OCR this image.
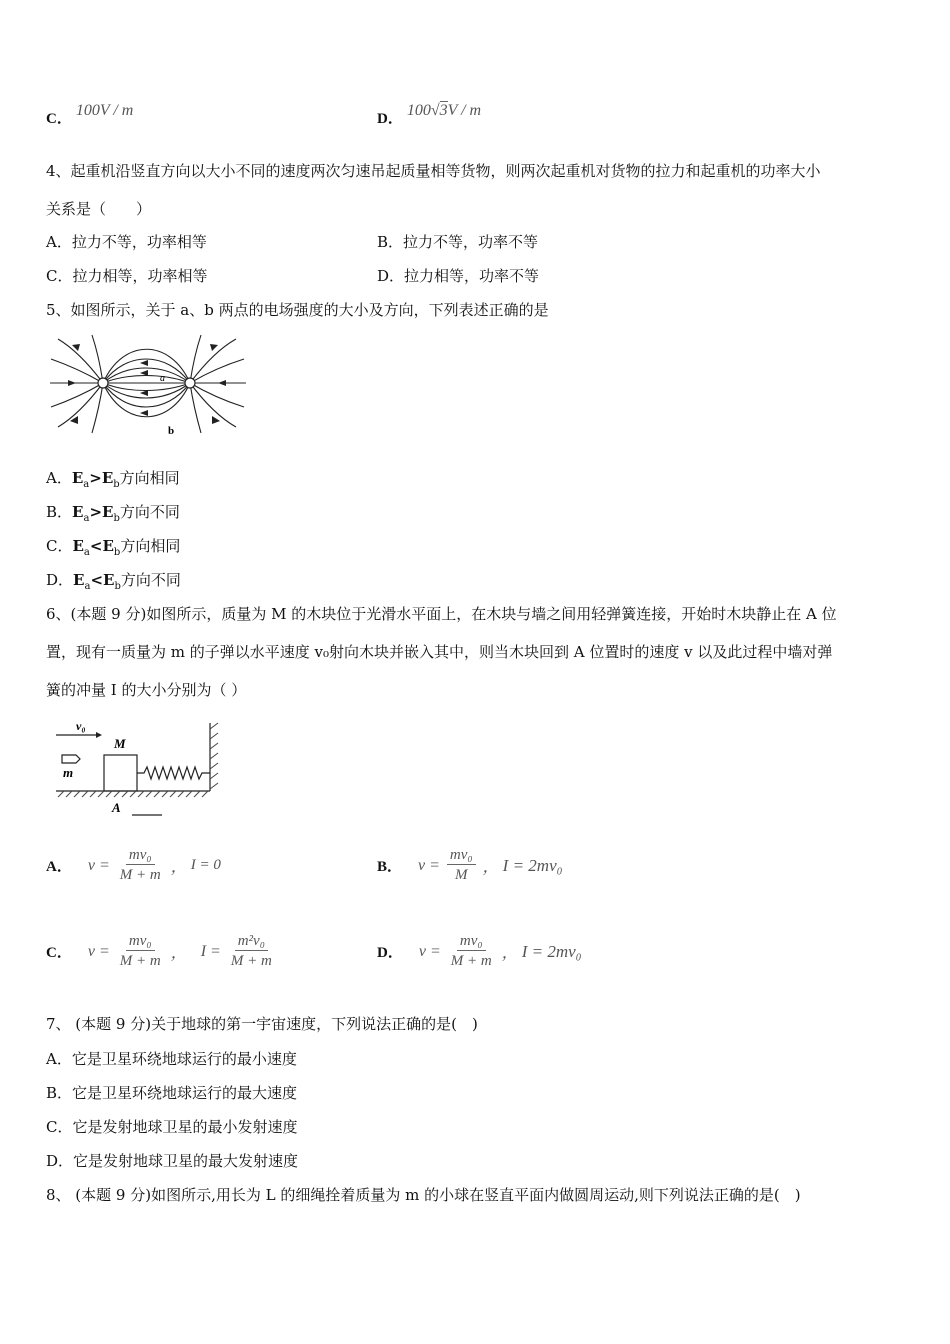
C． 100V / m	D． 100√3V / m
4、起重机沿竖直方向以大小不同的速度两次匀速吊起质量相等货物，则两次起重机对货物的拉力和起重机的功率大小
关系是（　　）
A．拉力不等，功率相等	B．拉力不等，功率不等
C．拉力相等，功率相等	D．拉力相等，功率不等
5、如图所示，关于 a、b 两点的电场强度的大小及方向，下列表述正确的是
a
b
A．$E_a>E_b$方向相同
B．$E_a>E_b$方向不同
C．$E_a<E_b$方向相同
D．$E_a<E_b$方向不同
6、(本题 9 分)如图所示，质量为 M 的木块位于光滑水平面上，在木块与墙之间用轻弹簧连接，开始时木块静止在 A 位
置，现有一质量为 m 的子弹以水平速度 v₀射向木块并嵌入其中，则当木块回到 A 位置时的速度 v 以及此过程中墙对弹
簧的冲量 I 的大小分别为（ ）
v₀
M
m
A
A． $v = \frac{\text{mv₀}}{M + m}$ ， I = 0	B． $v = \frac{\text{mv₀}}{M}$ ， I = 2mv₀
C． $v = \frac{\text{mv₀}}{M + m}$ ， $I = \frac{\text{m²v₀}}{M + m}$	D． $v = \frac{\text{mv₀}}{M + m}$ ， I = 2mv₀
7、 (本题 9 分)关于地球的第一宇宙速度，下列说法正确的是(　)
A．它是卫星环绕地球运行的最小速度
B．它是卫星环绕地球运行的最大速度
C．它是发射地球卫星的最小发射速度
D．它是发射地球卫星的最大发射速度
8、 (本题 9 分)如图所示,用长为 L 的细绳拴着质量为 m 的小球在竖直平面内做圆周运动,则下列说法正确的是(　)
